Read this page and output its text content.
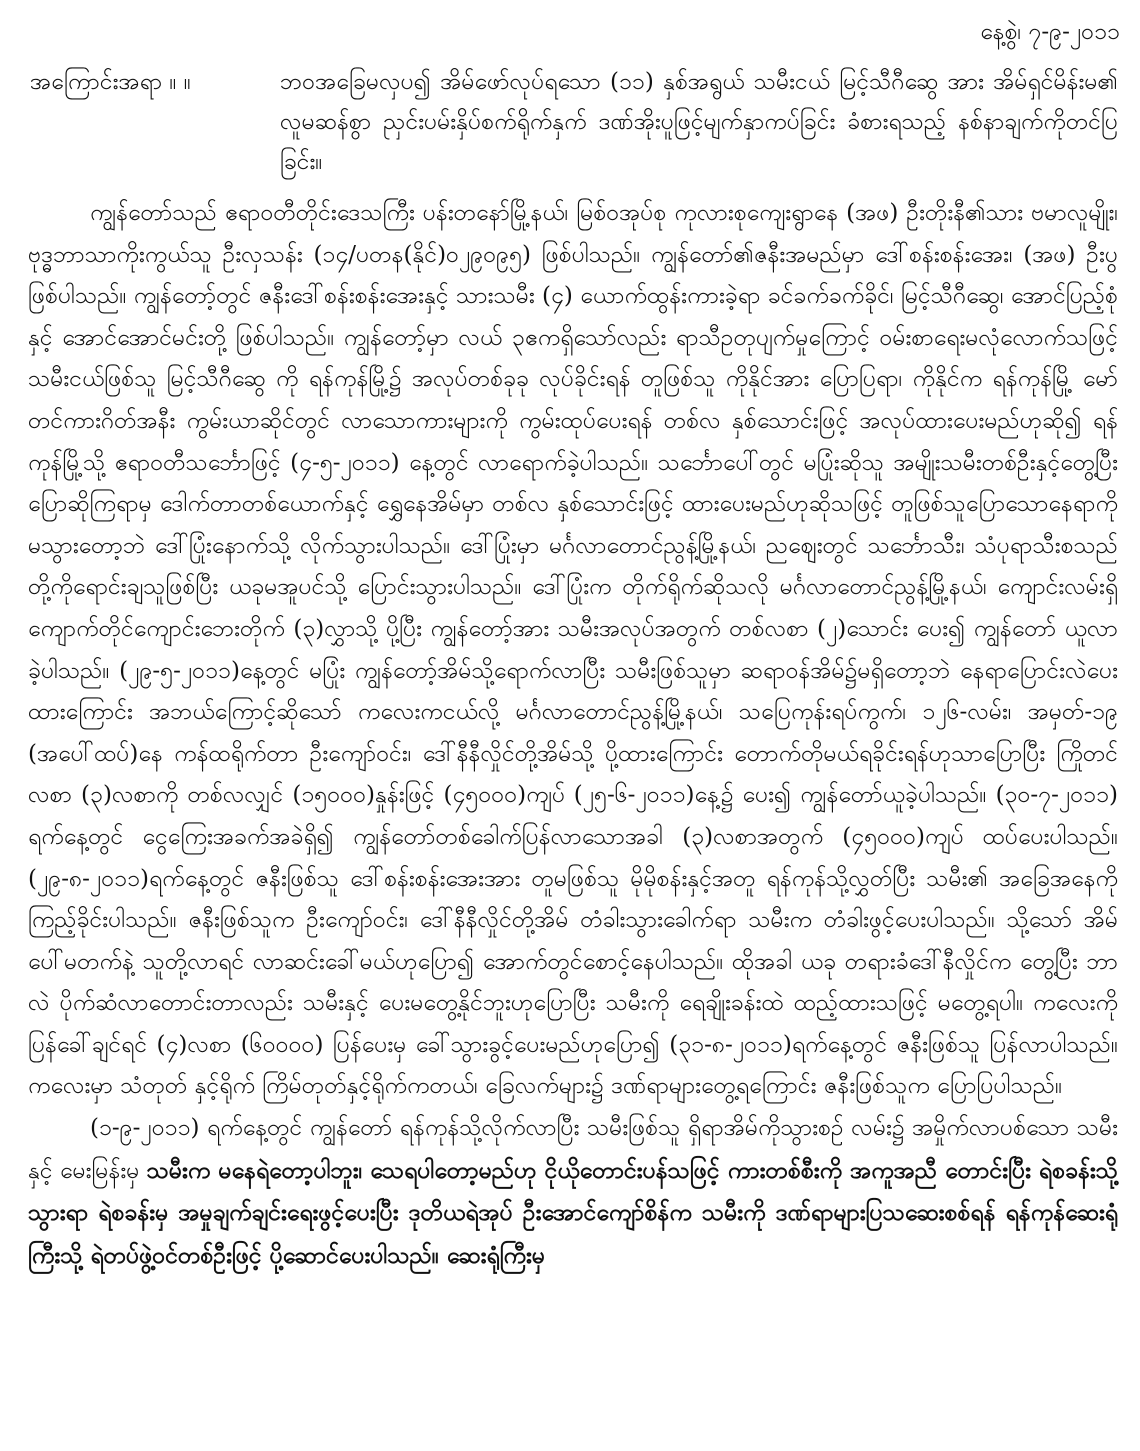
နေ့စွဲ၊ ၇-၉-၂၀၁၁
အကြောင်းအရာ ။ ။	ဘ၀အခြေမလှပ၍ အိမ်ဖော်လုပ်ရသော (၁၁) နှစ်အရွယ် သမီးငယ် မြင့်သီဂီဆွေ အား အိမ်ရှင်မိန်းမ၏ လူမဆန်စွာ ညှင်းပမ်းနှိပ်စက်ရိုက်နှက် ဒဏ်အိုးပူဖြင့်မျက်နှာကပ်ခြင်း ခံစားရသည့် နစ်နာချက်ကိုတင်ပြခြင်း။

ကျွန်တော်သည် ဧရာဝတီတိုင်းဒေသကြီး ပန်းတနော်မြို့နယ်၊ မြစ်ဝအုပ်စု ကုလားစုကျေးရွာနေ (အဖ) ဦးတိုးနီ၏သား ဗမာလူမျိုး၊ ဗုဒ္ဓဘာသာကိုးကွယ်သူ ဦးလှသန်း (၁၄/ပတန(နိုင်)၀၂၉၀၉၅) ဖြစ်ပါသည်။ ကျွန်တော်၏ဇနီးအမည်မှာ ဒေါ်စန်းစန်းအေး၊ (အဖ) ဦးပွ ဖြစ်ပါသည်။ ကျွန်တော့်တွင် ဇနီးဒေါ်စန်းစန်းအေးနှင့် သားသမီး (၄) ယောက်ထွန်းကားခဲ့ရာ ခင်ခက်ခက်ခိုင်၊ မြင့်သီဂီဆွေ၊ အောင်ပြည့်စုံနှင့် အောင်အောင်မင်းတို့ ဖြစ်ပါသည်။ ကျွန်တော့်မှာ လယ် ၃ဧကရှိသော်လည်း ရာသီဥတုပျက်မှုကြောင့် ဝမ်းစာရေးမလုံလောက်သဖြင့် သမီးငယ်ဖြစ်သူ မြင့်သီဂီဆွေ ကို ရန်ကုန်မြို့၌ အလုပ်တစ်ခုခု လုပ်ခိုင်းရန် တူဖြစ်သူ ကိုနိုင်အား ပြောပြရာ၊ ကိုနိုင်က ရန်ကုန်မြို့ မော်တင်ကားဂိတ်အနီး ကွမ်းယာဆိုင်တွင် လာသောကားများကို ကွမ်းထုပ်ပေးရန် တစ်လ နှစ်သောင်းဖြင့် အလုပ်ထားပေးမည်ဟုဆို၍ ရန်ကုန်မြို့သို့ ဧရာဝတီသင်္ဘောဖြင့် (၄-၅-၂၀၁၁) နေ့တွင် လာရောက်ခဲ့ပါသည်။ သင်္ဘောပေါ်တွင် မပြုံးဆိုသူ အမျိုးသမီးတစ်ဦးနှင့်တွေ့ပြီး ပြောဆိုကြရာမှ ဒေါက်တာတစ်ယောက်နှင့် ရွှေနေအိမ်မှာ တစ်လ နှစ်သောင်းဖြင့် ထားပေးမည်ဟုဆိုသဖြင့် တူဖြစ်သူပြောသောနေရာကိုမသွားတော့ဘဲ ဒေါ်ပြုံးနောက်သို့ လိုက်သွားပါသည်။ ဒေါ်ပြုံးမှာ မင်္ဂလာတောင်ညွန့်မြို့နယ်၊ ညဈေးတွင် သင်္ဘောသီး၊ သံပုရာသီးစသည်တို့ကိုရောင်းချသူဖြစ်ပြီး ယခုမအူပင်သို့ ပြောင်းသွားပါသည်။ ဒေါ်ပြုံးက တိုက်ရိုက်ဆိုသလို မင်္ဂလာတောင်ညွန့်မြို့နယ်၊ ကျောင်းလမ်းရှိ ကျောက်တိုင်ကျောင်းဘေးတိုက် (၃)လွှာသို့ ပို့ပြီး ကျွန်တော့်အား သမီးအလုပ်အတွက် တစ်လစာ (၂)သောင်း ပေး၍ ကျွန်တော် ယူလာခဲ့ပါသည်။ (၂၉-၅-၂၀၁၁)နေ့တွင် မပြုံး ကျွန်တော့်အိမ်သို့ရောက်လာပြီး သမီးဖြစ်သူမှာ ဆရာဝန်အိမ်၌မရှိတော့ဘဲ နေရာပြောင်းလဲပေးထားကြောင်း အဘယ်ကြောင့်ဆိုသော် ကလေးကငယ်လို့ မင်္ဂလာတောင်ညွန့်မြို့နယ်၊ သပြေကုန်းရပ်ကွက်၊ ၁၂၆-လမ်း၊ အမှတ်-၁၉ (အပေါ်ထပ်)နေ ကန်ထရိုက်တာ ဦးကျော်ဝင်း၊ ဒေါ်နီနီလှိုင်တို့အိမ်သို့ ပို့ထားကြောင်း တောက်တိုမယ်ရခိုင်းရန်ဟုသာပြောပြီး ကြိုတင်လစာ (၃)လစာကို တစ်လလျှင် (၁၅၀၀၀)နှုန်းဖြင့် (၄၅၀၀၀)ကျပ် (၂၅-၆-၂၀၁၁)နေ့၌ ပေး၍ ကျွန်တော်ယူခဲ့ပါသည်။ (၃၀-၇-၂၀၁၁) ရက်နေ့တွင် ငွေကြေးအခက်အခဲရှိ၍ ကျွန်တော်တစ်ခေါက်ပြန်လာသောအခါ (၃)လစာအတွက် (၄၅၀၀၀)ကျပ် ထပ်ပေးပါသည်။ (၂၉-၈-၂၀၁၁)ရက်နေ့တွင် ဇနီးဖြစ်သူ ဒေါ်စန်းစန်းအေးအား တူမဖြစ်သူ မိုမိုစန်းနှင့်အတူ ရန်ကုန်သို့လွှတ်ပြီး သမီး၏ အခြေအနေကို ကြည့်ခိုင်းပါသည်။ ဇနီးဖြစ်သူက ဦးကျော်ဝင်း၊ ဒေါ်နီနီလှိုင်တို့အိမ် တံခါးသွားခေါက်ရာ သမီးက တံခါးဖွင့်ပေးပါသည်။ သို့သော် အိမ်ပေါ်မတက်နဲ့ သူတို့လာရင် လာဆင်းခေါ်မယ်ဟုပြော၍ အောက်တွင်စောင့်နေပါသည်။ ထိုအခါ ယခု တရားခံဒေါ်နီလှိုင်က တွေ့ပြီး ဘာလဲ ပိုက်ဆံလာတောင်းတာလည်း သမီးနှင့် ပေးမတွေ့နိုင်ဘူးဟုပြောပြီး သမီးကို ရေချိုးခန်းထဲ ထည့်ထားသဖြင့် မတွေ့ရပါ။ ကလေးကို ပြန်ခေါ်ချင်ရင် (၄)လစာ (၆၀၀၀၀) ပြန်ပေးမှ ခေါ်သွားခွင့်ပေးမည်ဟုပြော၍ (၃၁-၈-၂၀၁၁)ရက်နေ့တွင် ဇနီးဖြစ်သူ ပြန်လာပါသည်။ ကလေးမှာ သံတုတ် နှင့်ရိုက် ကြိမ်တုတ်နှင့်ရိုက်ကတယ်၊ ခြေလက်များ၌ ဒဏ်ရာများတွေ့ရကြောင်း ဇနီးဖြစ်သူက ပြောပြပါသည်။

(၁-၉-၂၀၁၁) ရက်နေ့တွင် ကျွန်တော် ရန်ကုန်သို့လိုက်လာပြီး သမီးဖြစ်သူ ရှိရာအိမ်ကိုသွားစဉ် လမ်း၌ အမှိုက်လာပစ်သော သမီးနှင့် မေးမြန်းမှ သမီးက မနေရဲတော့ပါဘူး၊ သေရပါတော့မည်ဟု ငိုယိုတောင်းပန်သဖြင့် ကားတစ်စီးကို အကူအညီ တောင်းပြီး ရဲစခန်းသို့သွားရာ ရဲစခန်းမှ အမှုချက်ချင်းရေးဖွင့်ပေးပြီး ဒုတိယရဲအုပ် ဦးအောင်ကျော်စိန်က သမီးကို ဒဏ်ရာများပြသဆေးစစ်ရန် ရန်ကုန်ဆေးရုံကြီးသို့ ရဲတပ်ဖွဲ့ဝင်တစ်ဦးဖြင့် ပို့ဆောင်ပေးပါသည်။ ဆေးရုံကြီးမှ
